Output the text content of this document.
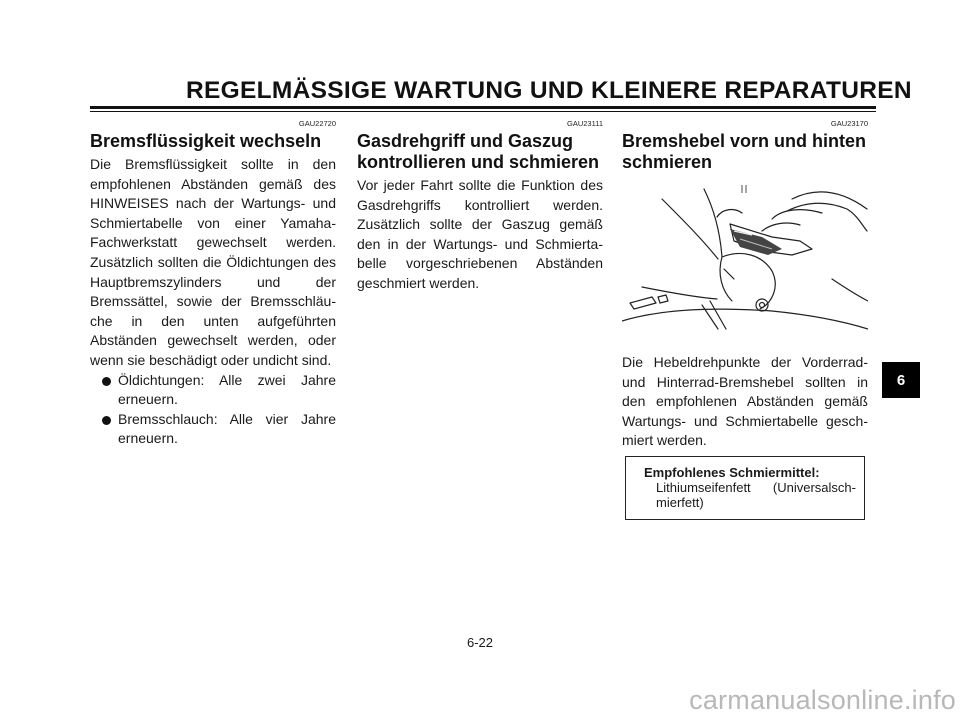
REGELMÄSSIGE WARTUNG UND KLEINERE REPARATUREN
GAU22720
Bremsflüssigkeit wechseln

Die Bremsflüssigkeit sollte in den empfohlenen Abständen gemäß des HINWEISES nach der Wartungs- und Schmiertabelle von einer Yamaha-Fachwerkstatt gewechselt werden. Zusätzlich sollten die Öldichtungen des Hauptbremszylinders und der Bremssättel, sowie der Bremsschläu-che in den unten aufgeführten Abständen gewechselt werden, oder wenn sie beschädigt oder undicht sind.

Öldichtungen: Alle zwei Jahre erneuern.
Bremsschlauch: Alle vier Jahre erneuern.
GAU23111
Gasdrehgriff und Gaszug kontrollieren und schmieren

Vor jeder Fahrt sollte die Funktion des Gasdrehgriffs kontrolliert werden. Zusätzlich sollte der Gaszug gemäß den in der Wartungs- und Schmierta-belle vorgeschriebenen Abständen geschmiert werden.

GAU23170
Bremshebel vorn und hinten schmieren

Die Hebeldrehpunkte der Vorderrad- und Hinterrad-Bremshebel sollten in den empfohlenen Abständen gemäß Wartungs- und Schmiertabelle gesch-miert werden.

Empfohlenes Schmiermittel:
Lithiumseifenfett (Universalsch-mierfett)
6-22
6
carmanualsonline.info
